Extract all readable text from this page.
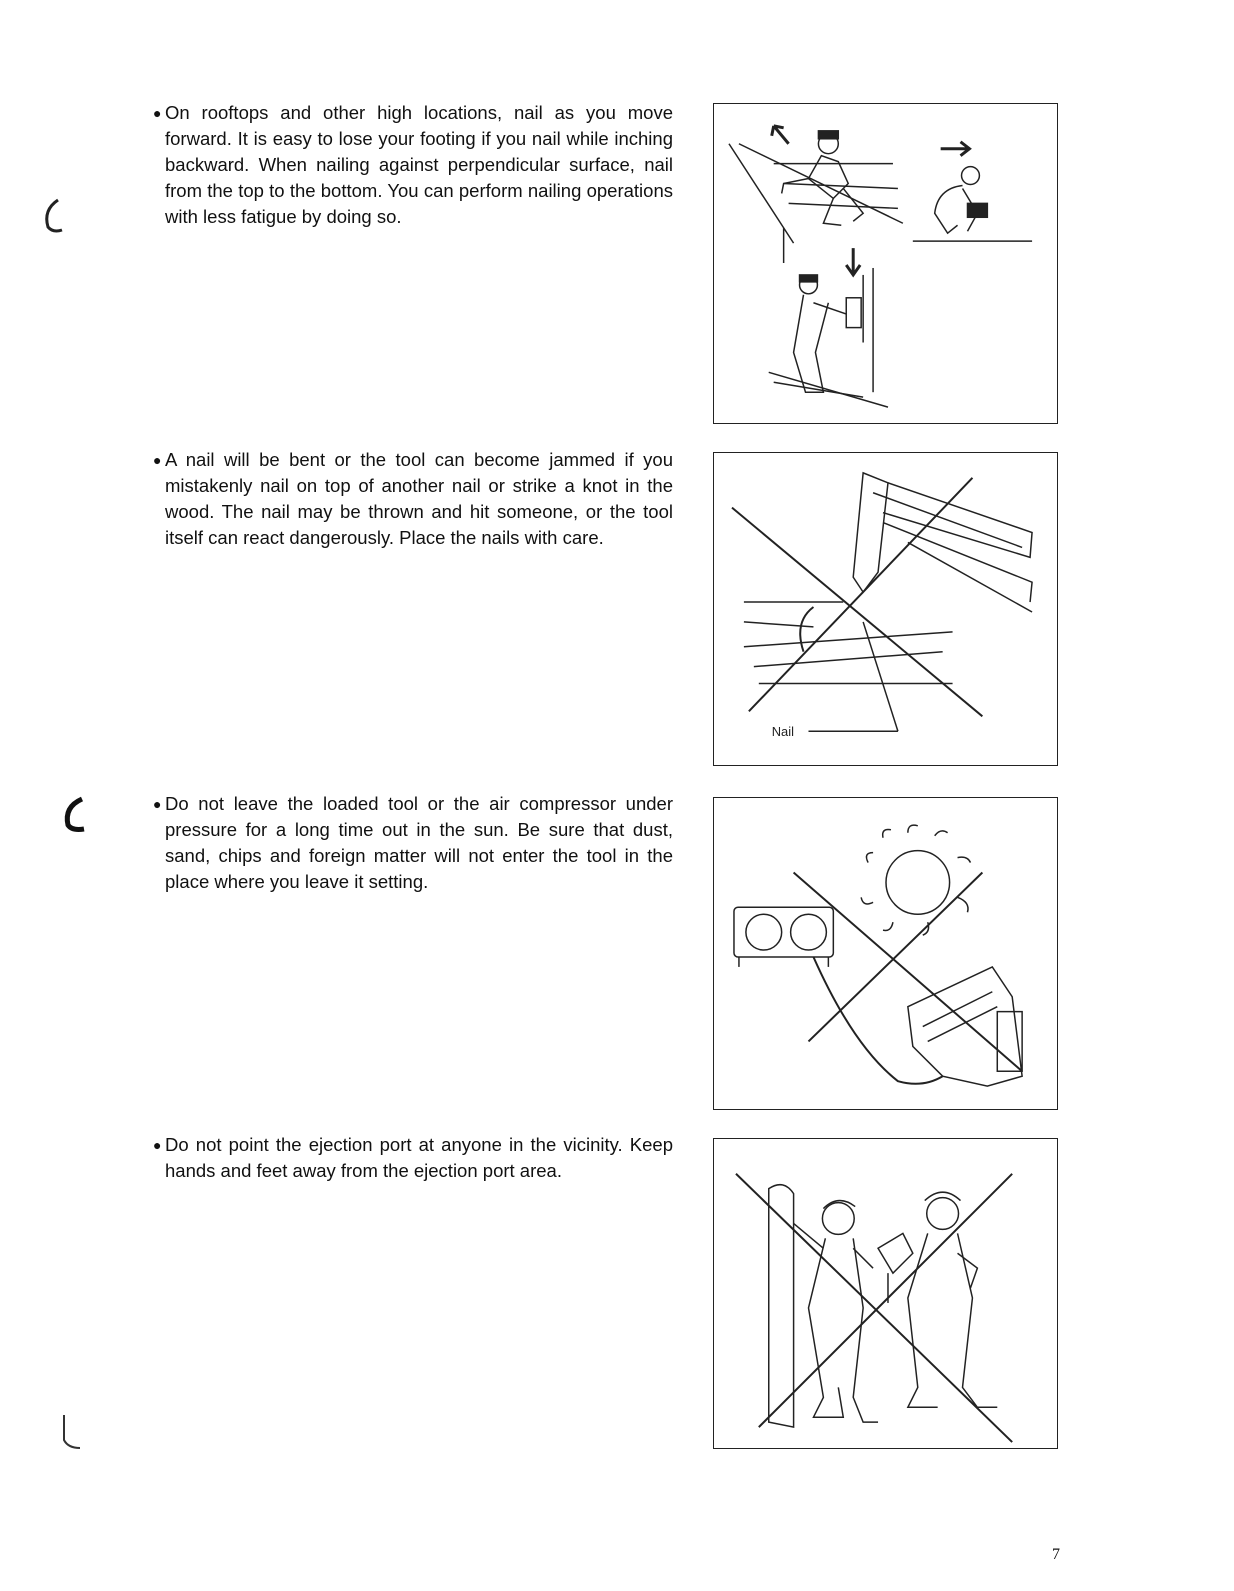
● On rooftops and other high locations, nail as you move forward. It is easy to lose your footing if you nail while inching backward. When nailing against perpendicular surface, nail from the top to the bottom. You can perform nailing operations with less fatigue by doing so.
● A nail will be bent or the tool can become jammed if you mistakenly nail on top of another nail or strike a knot in the wood. The nail may be thrown and hit someone, or the tool itself can react dangerously. Place the nails with care.
Nail
● Do not leave the loaded tool or the air compressor under pressure for a long time out in the sun. Be sure that dust, sand, chips and foreign matter will not enter the tool in the place where you leave it setting.
● Do not point the ejection port at anyone in the vicinity. Keep hands and feet away from the ejection port area.
7
